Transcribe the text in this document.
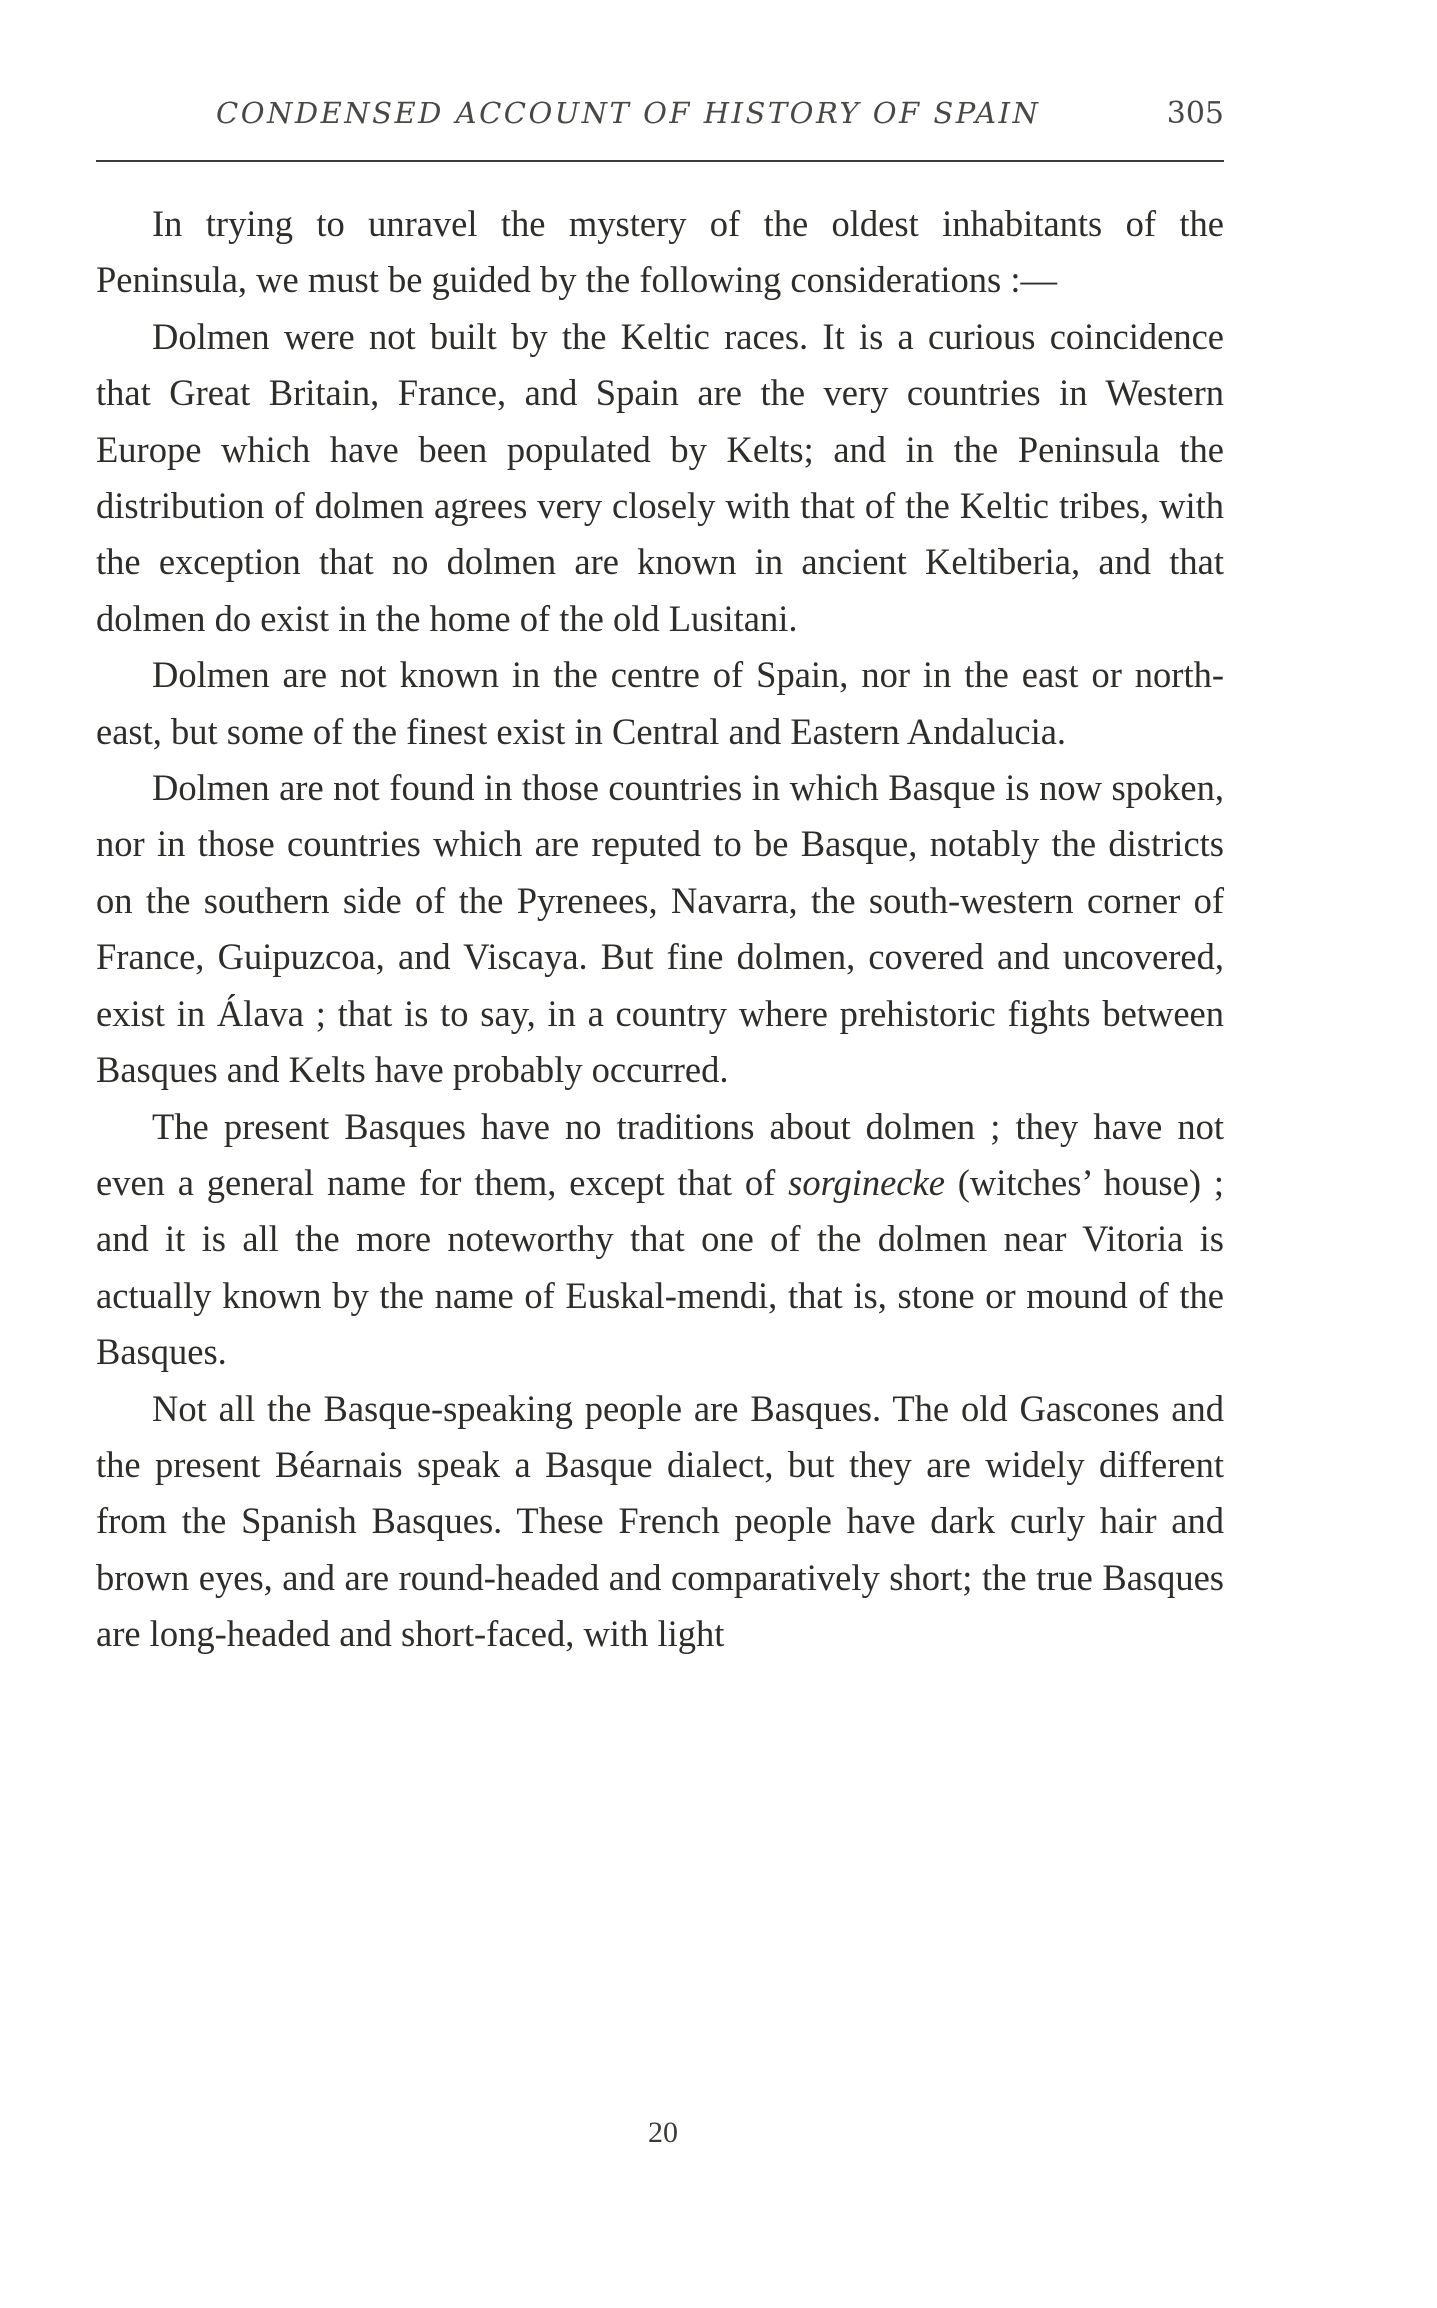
CONDENSED ACCOUNT OF HISTORY OF SPAIN	305

In trying to unravel the mystery of the oldest inhabitants of the Peninsula, we must be guided by the following considerations :—

Dolmen were not built by the Keltic races. It is a curious coincidence that Great Britain, France, and Spain are the very countries in Western Europe which have been populated by Kelts; and in the Peninsula the distribution of dolmen agrees very closely with that of the Keltic tribes, with the exception that no dolmen are known in ancient Keltiberia, and that dolmen do exist in the home of the old Lusitani.

Dolmen are not known in the centre of Spain, nor in the east or north-east, but some of the finest exist in Central and Eastern Andalucia.

Dolmen are not found in those countries in which Basque is now spoken, nor in those countries which are reputed to be Basque, notably the districts on the southern side of the Pyrenees, Navarra, the south-western corner of France, Guipuzcoa, and Viscaya. But fine dolmen, covered and uncovered, exist in Álava ; that is to say, in a country where prehistoric fights between Basques and Kelts have probably occurred.

The present Basques have no traditions about dolmen ; they have not even a general name for them, except that of sorginecke (witches’ house) ; and it is all the more noteworthy that one of the dolmen near Vitoria is actually known by the name of Euskal-mendi, that is, stone or mound of the Basques.

Not all the Basque-speaking people are Basques. The old Gascones and the present Béarnais speak a Basque dialect, but they are widely different from the Spanish Basques. These French people have dark curly hair and brown eyes, and are round-headed and comparatively short; the true Basques are long-headed and short-faced, with light

20
